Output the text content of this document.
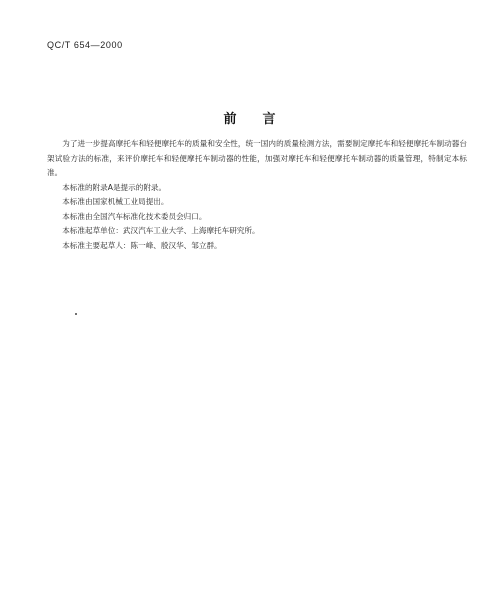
QC/T 654—2000
前言

为了进一步提高摩托车和轻便摩托车的质量和安全性，统一国内的质量检测方法，需要制定摩托车和轻便摩托车制动器台架试验方法的标准，来评价摩托车和轻便摩托车制动器的性能，加强对摩托车和轻便摩托车制动器的质量管理，特制定本标准。

本标准的附录A是提示的附录。

本标准由国家机械工业局提出。

本标准由全国汽车标准化技术委员会归口。

本标准起草单位：武汉汽车工业大学、上海摩托车研究所。

本标准主要起草人：陈一峰、殷汉华、邹立群。
